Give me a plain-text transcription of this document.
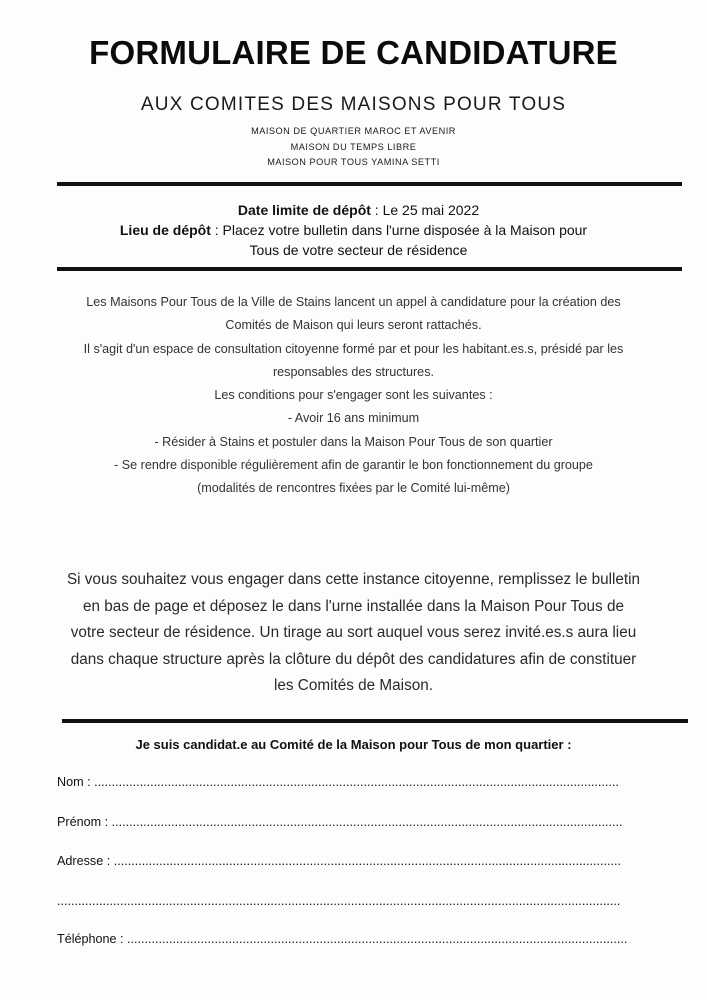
FORMULAIRE DE CANDIDATURE
AUX COMITES DES MAISONS POUR TOUS
MAISON DE QUARTIER MAROC ET AVENIR
MAISON DU TEMPS LIBRE
MAISON POUR TOUS YAMINA SETTI
Date limite de dépôt : Le 25 mai 2022
Lieu de dépôt : Placez votre bulletin dans l'urne disposée à la Maison pour
Tous de votre secteur de résidence
Les Maisons Pour Tous de la Ville de Stains lancent un appel à candidature pour la création des
Comités de Maison qui leurs seront rattachés.
Il s'agit d'un espace de consultation citoyenne formé par et pour les habitant.es.s, présidé par les
responsables des structures.
Les conditions pour s'engager sont les suivantes :
- Avoir 16 ans minimum
- Résider à Stains et postuler dans la Maison Pour Tous de son quartier
- Se rendre disponible régulièrement afin de garantir le bon fonctionnement du groupe
(modalités de rencontres fixées par le Comité lui-même)
Si vous souhaitez vous engager dans cette instance citoyenne, remplissez le bulletin
en bas de page et déposez le dans l'urne installée dans la Maison Pour Tous de
votre secteur de résidence. Un tirage au sort auquel vous serez invité.es.s aura lieu
dans chaque structure après la clôture du dépôt des candidatures afin de constituer
les Comités de Maison.
Je suis candidat.e au Comité de la Maison pour Tous de mon quartier :
Nom : ......................................................................................................................................................
Prénom : ..................................................................................................................................................
Adresse : .................................................................................................................................................
.................................................................................................................................................................
Téléphone : ...............................................................................................................................................
